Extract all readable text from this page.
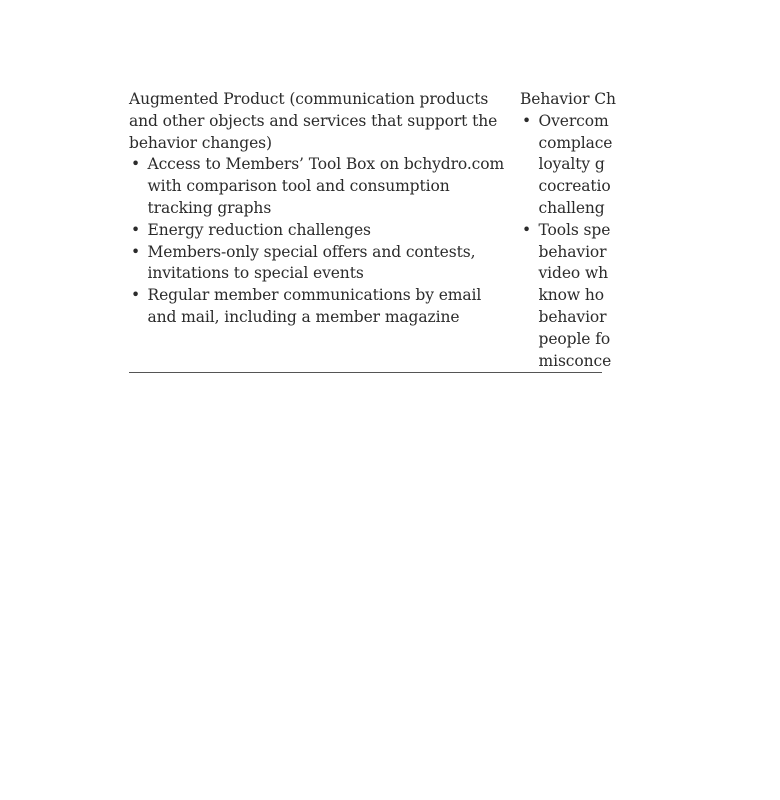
Augmented Product (communication products and other objects and services that support the behavior changes)

• Access to Members’ Tool Box on bchydro.com with comparison tool and consumption tracking graphs
• Energy reduction challenges
• Members-only special offers and contests, invitations to special events
• Regular member communications by email and mail, including a member magazine

Behavior Ch

• Overcom
complace
loyalty g
cocreatio
challeng
• Tools spe
behavior
video wh
know ho
behavior
people fo
misconce
